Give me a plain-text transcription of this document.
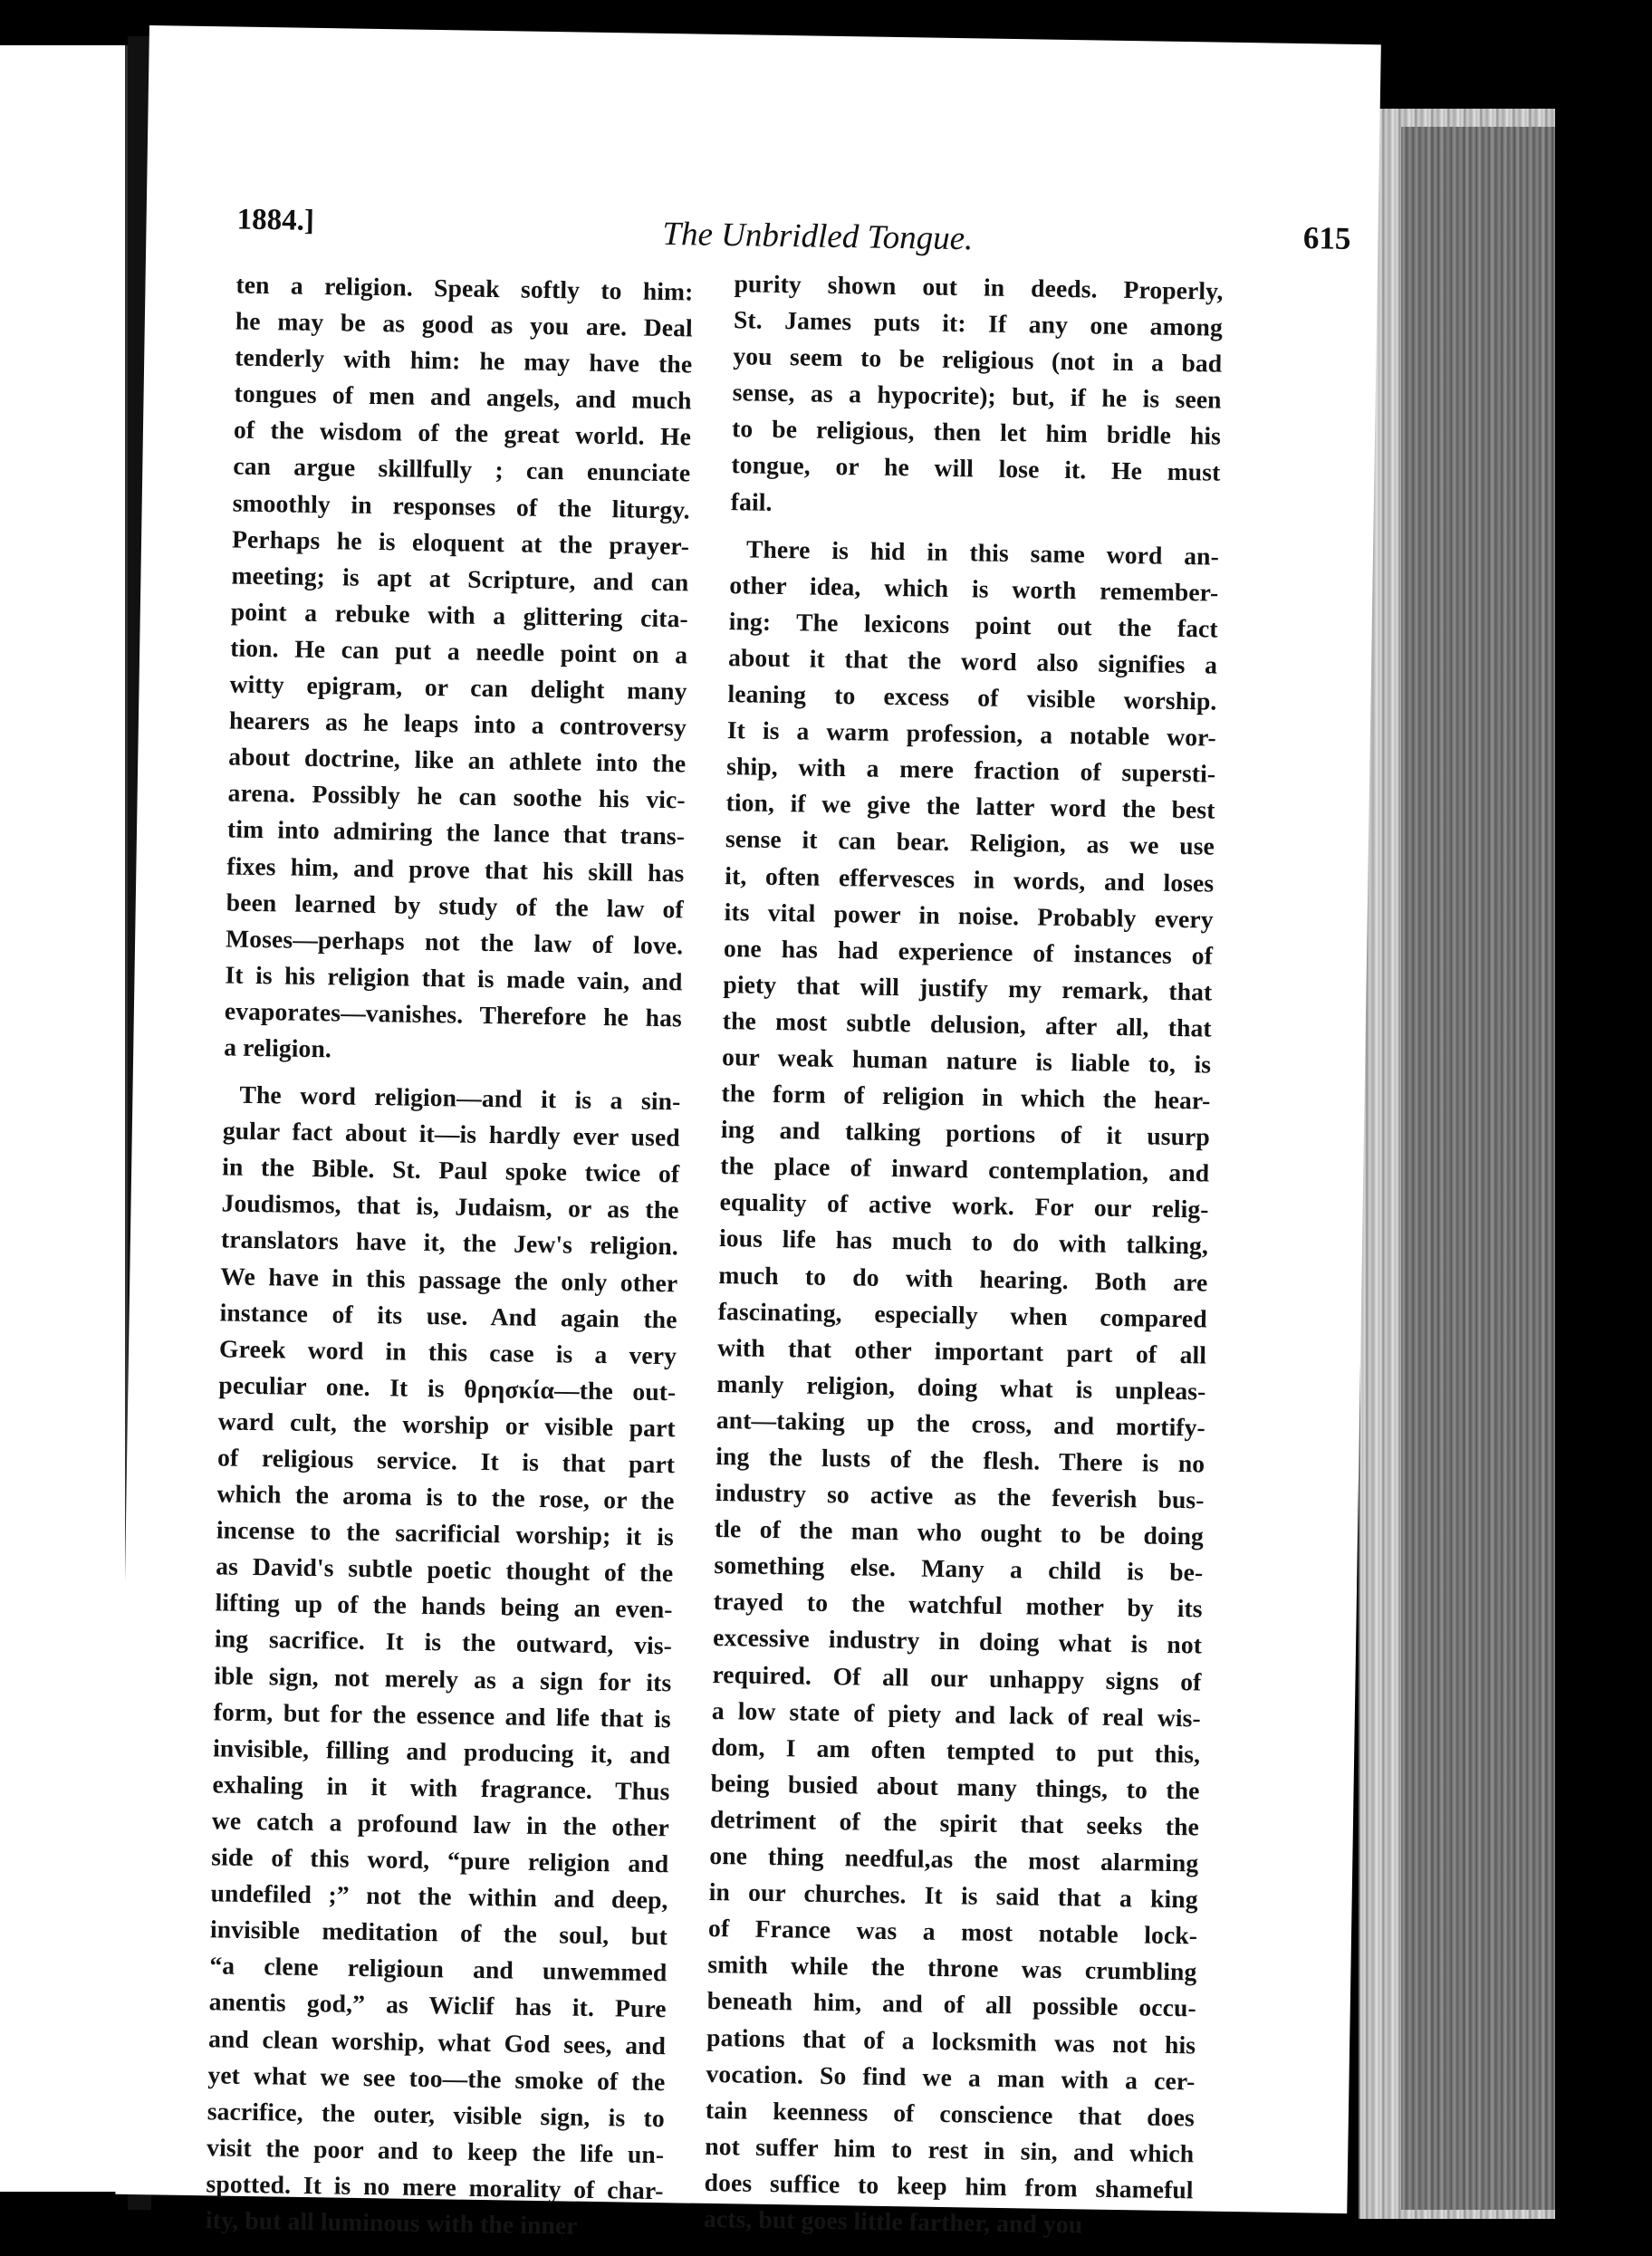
1884.]	The Unbridled Tongue.	615
ten a religion. Speak softly to him:
he may be as good as you are. Deal
tenderly with him: he may have the
tongues of men and angels, and much
of the wisdom of the great world. He
can argue skillfully ; can enunciate
smoothly in responses of the liturgy.
Perhaps he is eloquent at the prayer-
meeting; is apt at Scripture, and can
point a rebuke with a glittering cita-
tion. He can put a needle point on a
witty epigram, or can delight many
hearers as he leaps into a controversy
about doctrine, like an athlete into the
arena. Possibly he can soothe his vic-
tim into admiring the lance that trans-
fixes him, and prove that his skill has
been learned by study of the law of
Moses—perhaps not the law of love.
It is his religion that is made vain, and
evaporates—vanishes. Therefore he has
a religion.
The word religion—and it is a sin-
gular fact about it—is hardly ever used
in the Bible. St. Paul spoke twice of
Joudismos, that is, Judaism, or as the
translators have it, the Jew's religion.
We have in this passage the only other
instance of its use. And again the
Greek word in this case is a very
peculiar one. It is θρησκία—the out-
ward cult, the worship or visible part
of religious service. It is that part
which the aroma is to the rose, or the
incense to the sacrificial worship; it is
as David's subtle poetic thought of the
lifting up of the hands being an even-
ing sacrifice. It is the outward, vis-
ible sign, not merely as a sign for its
form, but for the essence and life that is
invisible, filling and producing it, and
exhaling in it with fragrance. Thus
we catch a profound law in the other
side of this word, “pure religion and
undefiled ;” not the within and deep,
invisible meditation of the soul, but
“a clene religioun and unwemmed
anentis god,” as Wiclif has it. Pure
and clean worship, what God sees, and
yet what we see too—the smoke of the
sacrifice, the outer, visible sign, is to
visit the poor and to keep the life un-
spotted. It is no mere morality of char-
ity, but all luminous with the inner
purity shown out in deeds. Properly,
St. James puts it: If any one among
you seem to be religious (not in a bad
sense, as a hypocrite); but, if he is seen
to be religious, then let him bridle his
tongue, or he will lose it. He must
fail.
There is hid in this same word an-
other idea, which is worth remember-
ing: The lexicons point out the fact
about it that the word also signifies a
leaning to excess of visible worship.
It is a warm profession, a notable wor-
ship, with a mere fraction of supersti-
tion, if we give the latter word the best
sense it can bear. Religion, as we use
it, often effervesces in words, and loses
its vital power in noise. Probably every
one has had experience of instances of
piety that will justify my remark, that
the most subtle delusion, after all, that
our weak human nature is liable to, is
the form of religion in which the hear-
ing and talking portions of it usurp
the place of inward contemplation, and
equality of active work. For our relig-
ious life has much to do with talking,
much to do with hearing. Both are
fascinating, especially when compared
with that other important part of all
manly religion, doing what is unpleas-
ant—taking up the cross, and mortify-
ing the lusts of the flesh. There is no
industry so active as the feverish bus-
tle of the man who ought to be doing
something else. Many a child is be-
trayed to the watchful mother by its
excessive industry in doing what is not
required. Of all our unhappy signs of
a low state of piety and lack of real wis-
dom, I am often tempted to put this,
being busied about many things, to the
detriment of the spirit that seeks the
one thing needful,as the most alarming
in our churches. It is said that a king
of France was a most notable lock-
smith while the throne was crumbling
beneath him, and of all possible occu-
pations that of a locksmith was not his
vocation. So find we a man with a cer-
tain keenness of conscience that does
not suffer him to rest in sin, and which
does suffice to keep him from shameful
acts, but goes little farther, and you
